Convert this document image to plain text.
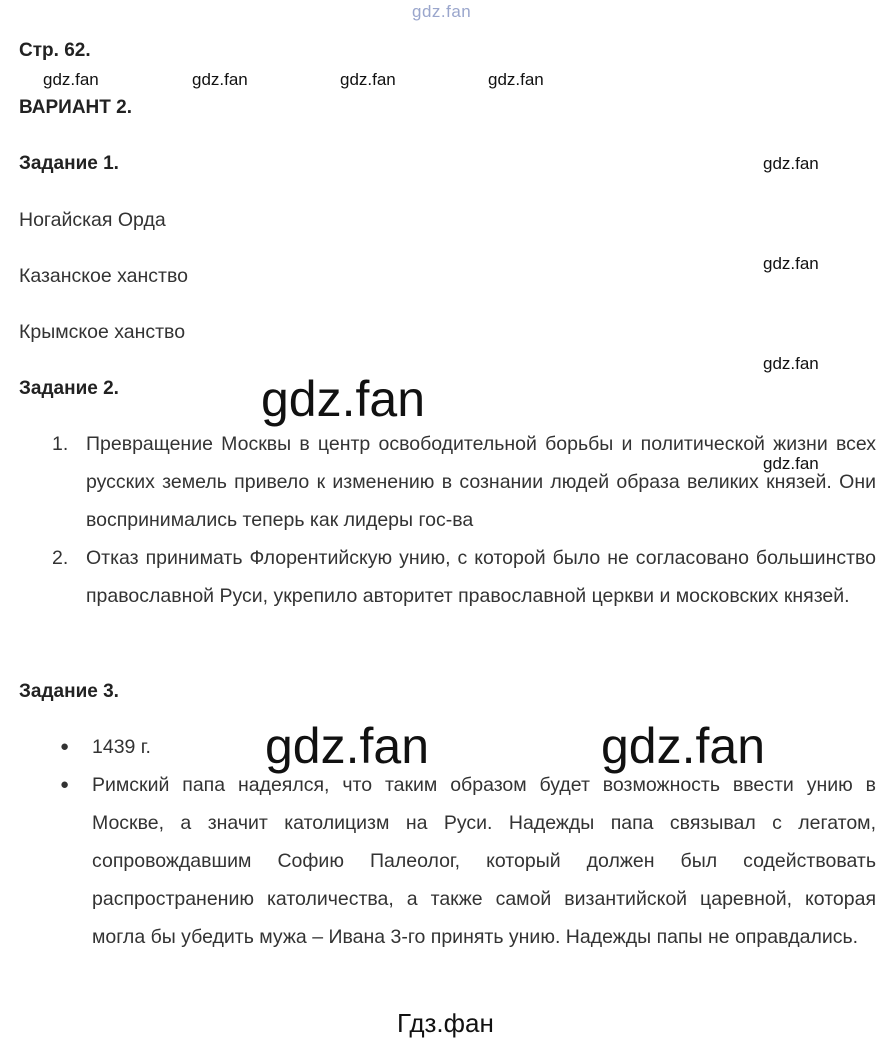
gdz.fan
Стр. 62.
gdz.fan	gdz.fan	gdz.fan	gdz.fan
ВАРИАНТ 2.
Задание 1.	gdz.fan
Ногайская Орда
gdz.fan
Казанское ханство
Крымское ханство
gdz.fan
Задание 2.	gdz.fan
1. Превращение Москвы в центр освободительной борьбы и политической жизни всех русских земель привело к изменению в сознании людей образа великих князей. Они воспринимались теперь как лидеры гос-ва
2. Отказ принимать Флорентийскую унию, с которой было не согласовано большинство православной Руси, укрепило авторитет православной церкви и московских князей.
gdz.fan
Задание 3.
gdz.fan	gdz.fan
● 1439 г.
● Римский папа надеялся, что таким образом будет возможность ввести унию в Москве, а значит католицизм на Руси. Надежды папа связывал с легатом, сопровождавшим Софию Палеолог, который должен был содействовать распространению католичества, а также самой византийской царевной, которая могла бы убедить мужа – Ивана 3-го принять унию. Надежды папы не оправдались.
Гдз.фан
